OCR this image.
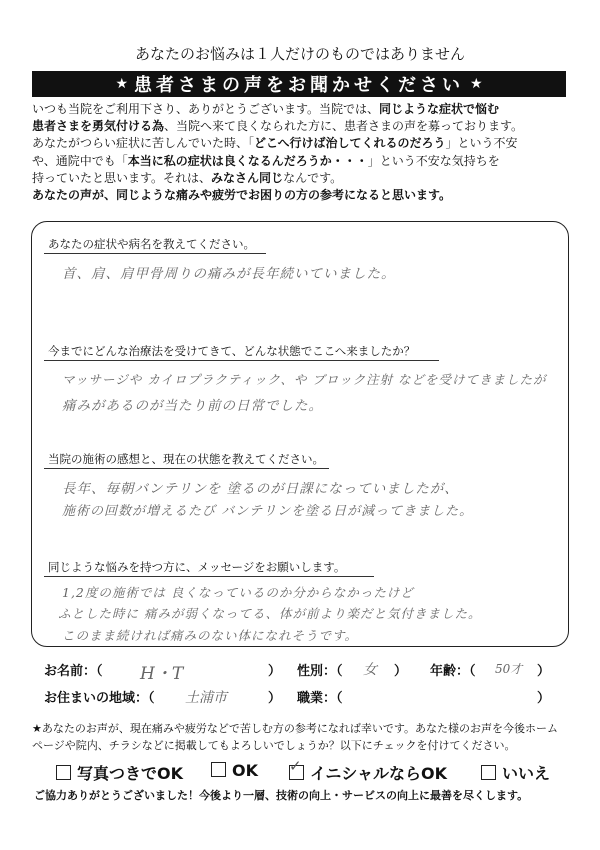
あなたのお悩みは１人だけのものではありません
★ 患者さまの声をお聞かせください ★
いつも当院をご利用下さり、ありがとうございます。当院では、同じような症状で悩む
患者さまを勇気付ける為、当院へ来て良くなられた方に、患者さまの声を募っております。
あなたがつらい症状に苦しんでいた時、「どこへ行けば治してくれるのだろう」という不安
や、通院中でも「本当に私の症状は良くなるんだろうか・・・」という不安な気持ちを
持っていたと思います。それは、みなさん同じなんです。
あなたの声が、同じような痛みや疲労でお困りの方の参考になると思います。
あなたの症状や病名を教えてください。
首、肩、肩甲骨周りの痛みが長年続いていました。
今までにどんな治療法を受けてきて、どんな状態でここへ来ましたか？
マッサージや カイロプラクティック、や ブロック注射 などを受けてきましたが
痛みがあるのが当たり前の日常でした。
当院の施術の感想と、現在の状態を教えてください。
長年、毎朝バンテリンを 塗るのが日課になっていましたが、
施術の回数が増えるたび バンテリンを塗る日が減ってきました。
同じような悩みを持つ方に、メッセージをお願いします。
1,2度の施術では 良くなっているのか分からなかったけど
ふとした時に 痛みが弱くなってる、体が前より楽だと気付きました。
このまま続ければ痛みのない体になれそうです。
お名前：（ H・T	） 性別：（ 女 ） 年齢：（ 50才 ）
お住まいの地域：（ 土浦市	） 職業：（	）
★あなたのお声が、現在痛みや疲労などで苦しむ方の参考になれば幸いです。あなた様のお声を今後ホーム
ページや院内、チラシなどに掲載してもよろしいでしょうか？以下にチェックを付けてください。
写真つきでOK	OK ✓ イニシャルならOK	いいえ
ご協力ありがとうございました！今後より一層、技術の向上・サービスの向上に最善を尽くします。
